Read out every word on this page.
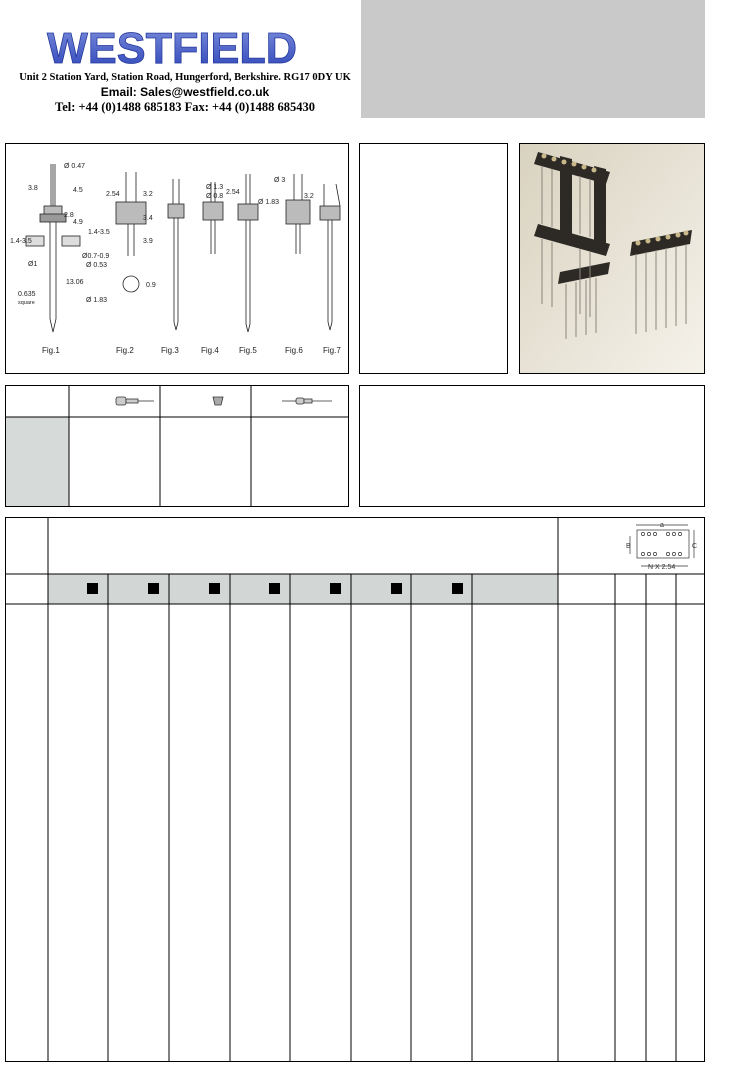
WESTFIELD
Unit 2 Station Yard, Station Road, Hungerford, Berkshire. RG17 0DY UK
Email: Sales@westfield.co.uk
Tel: +44 (0)1488 685183 Fax: +44 (0)1488 685430
Ø 0.47
3.8	4.5
2.8
4.9
1.4-3.5
Ø1
13.06
0.635
square
2.54	3.2
3.4
1.4-3.5
3.9
Ø0.7-0.9
Ø 0.53
0.9
Ø 1.83
Ø 1.3
Ø 0.8
2.54
Ø 1.83
Ø 3
3.2
Fig.1	Fig.2	Fig.3	Fig.4	Fig.5	Fig.6	Fig.7
a
B	C
N X 2.54
